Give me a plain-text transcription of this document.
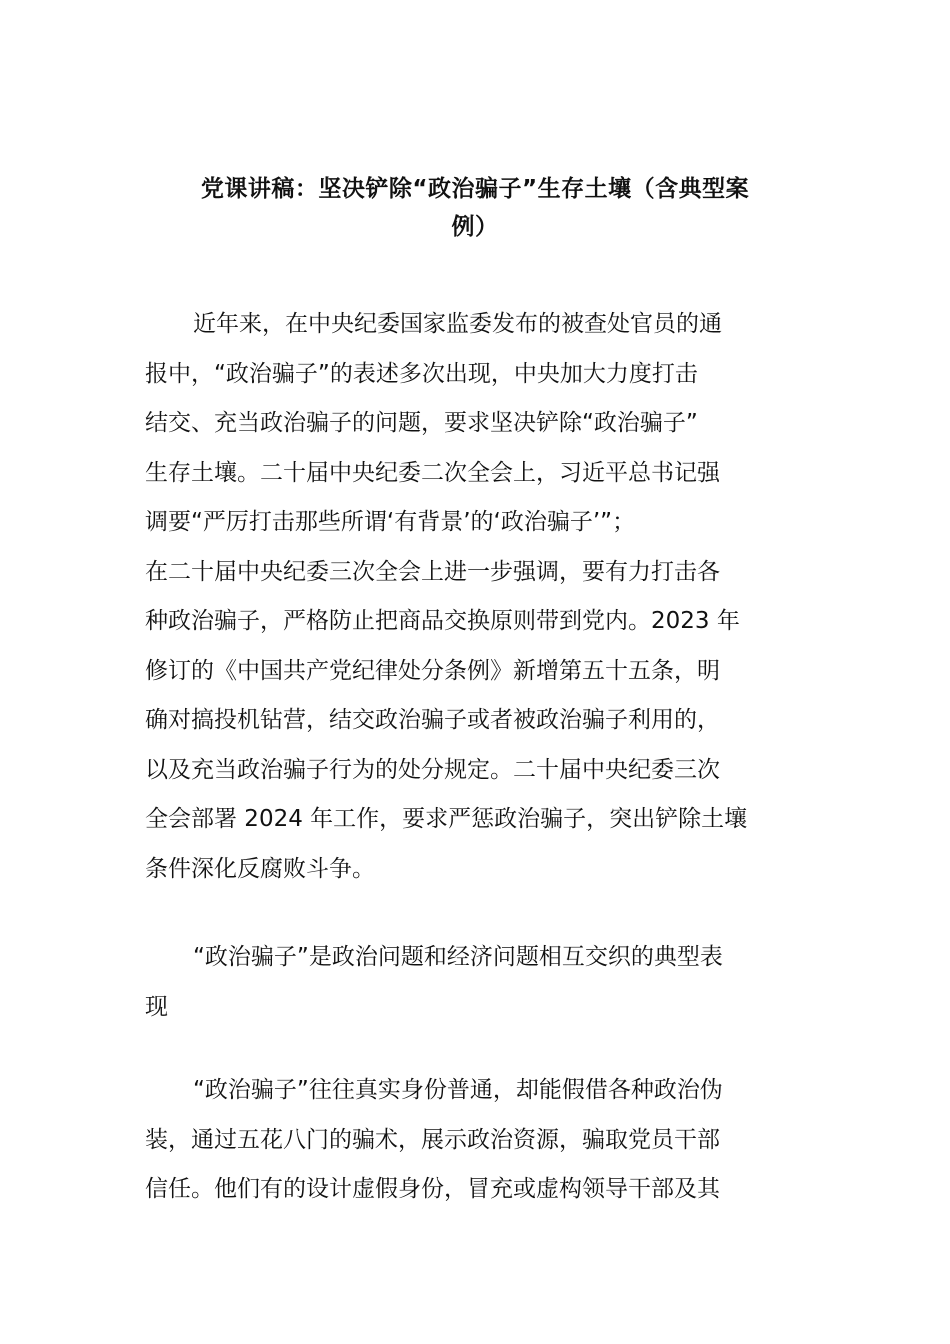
党课讲稿：坚决铲除“政治骗子”生存土壤（含典型案
例）

近年来，在中央纪委国家监委发布的被查处官员的通
报中，“政治骗子”的表述多次出现，中央加大力度打击
结交、充当政治骗子的问题，要求坚决铲除“政治骗子”
生存土壤。二十届中央纪委二次全会上，习近平总书记强
调要“严厉打击那些所谓‘有背景’的‘政治骗子’”；
在二十届中央纪委三次全会上进一步强调，要有力打击各
种政治骗子，严格防止把商品交换原则带到党内。2023 年
修订的《中国共产党纪律处分条例》新增第五十五条，明
确对搞投机钻营，结交政治骗子或者被政治骗子利用的，
以及充当政治骗子行为的处分规定。二十届中央纪委三次
全会部署 2024 年工作，要求严惩政治骗子，突出铲除土壤
条件深化反腐败斗争。

“政治骗子”是政治问题和经济问题相互交织的典型表
现

“政治骗子”往往真实身份普通，却能假借各种政治伪
装，通过五花八门的骗术，展示政治资源，骗取党员干部
信任。他们有的设计虚假身份，冒充或虚构领导干部及其
